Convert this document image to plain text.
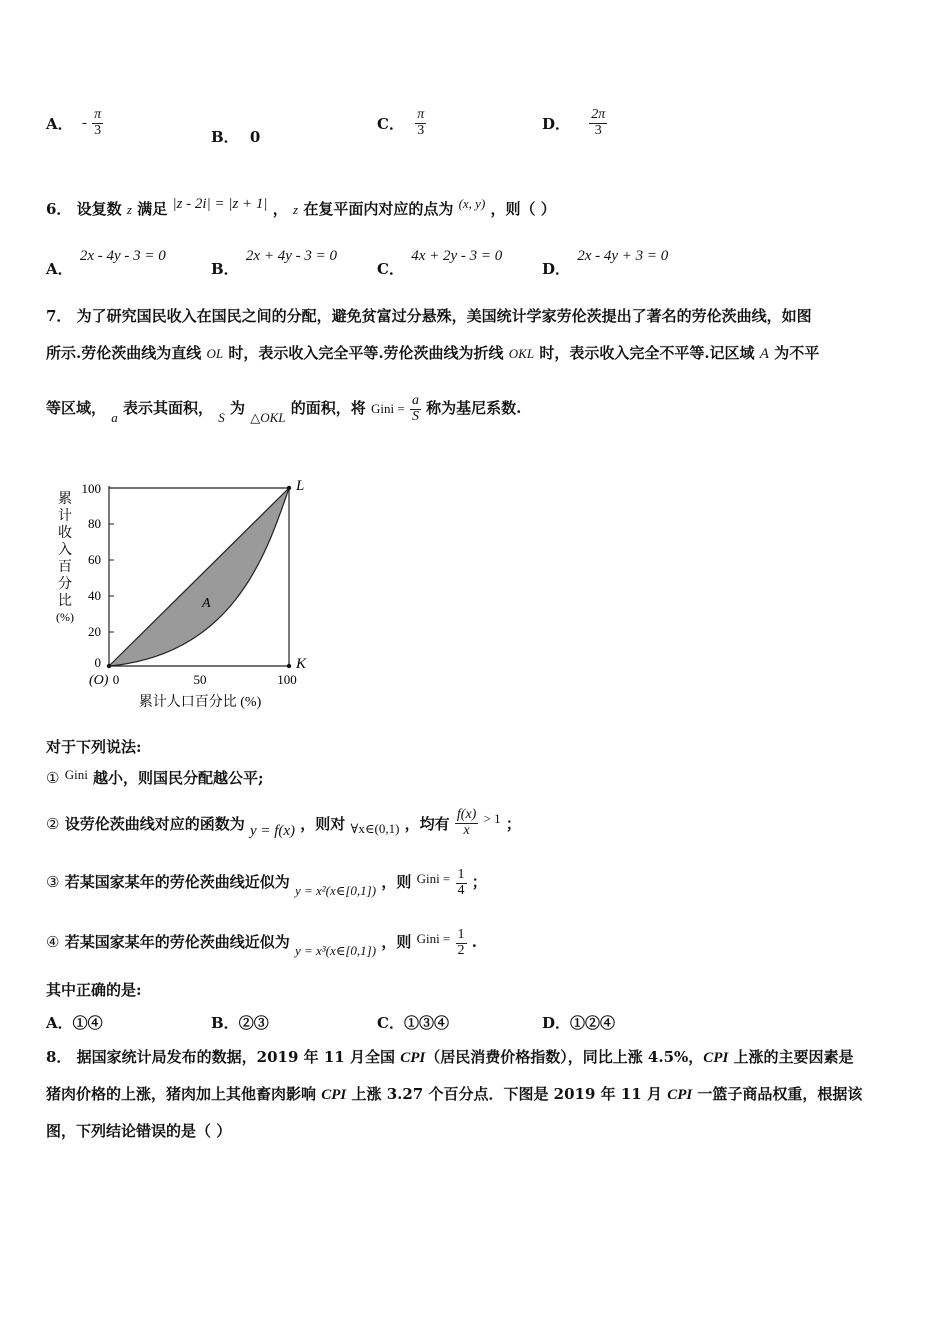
A． - $\frac{\pi}{3}$	B． 0
C． $\frac{\pi}{3}$	D． $\frac{2\pi}{3}$
6． 设复数 z 满足 |z - 2i| = |z + 1| ， z 在复平面内对应的点为 (x, y) ，则（ ）
A． 2x - 4y - 3 = 0
B． 2x + 4y - 3 = 0
C． 4x + 2y - 3 = 0
D． 2x - 4y + 3 = 0
7． 为了研究国民收入在国民之间的分配，避免贫富过分悬殊，美国统计学家劳伦茨提出了著名的劳伦茨曲线，如图
所示.劳伦茨曲线为直线 OL 时，表示收入完全平等.劳伦茨曲线为折线 OKL 时，表示收入完全不平等.记区域 A 为不平
等区域， a 表示其面积， S 为 △OKL 的面积，将 Gini = $\frac{a}{S}$ 称为基尼系数.
累
计
收
入
百
分
比
(%)
100
80
60
40
20
0
A
L
K
(O) 0	50	100
累计人口百分比 (%)
对于下列说法:
① Gini 越小，则国民分配越公平;
② 设劳伦茨曲线对应的函数为 y = f(x) ，则对 ∀x∈(0,1) ，均有 $\frac{f(x)}{x} > 1$ ；
③ 若某国家某年的劳伦茨曲线近似为 y = x²(x∈[0,1]) ，则 Gini = $\frac{1}{4}$ ；
④ 若某国家某年的劳伦茨曲线近似为 y = x³(x∈[0,1]) ，则 Gini = $\frac{1}{2}$ .
其中正确的是:
A．①④	B．②③	C．①③④	D．①②④
8． 据国家统计局发布的数据，2019 年 11 月全国 CPI（居民消费价格指数），同比上涨 4.5%，CPI 上涨的主要因素是
猪肉价格的上涨，猪肉加上其他畜肉影响 CPI 上涨 3.27 个百分点．下图是 2019 年 11 月 CPI 一篮子商品权重，根据该
图，下列结论错误的是（ ）
